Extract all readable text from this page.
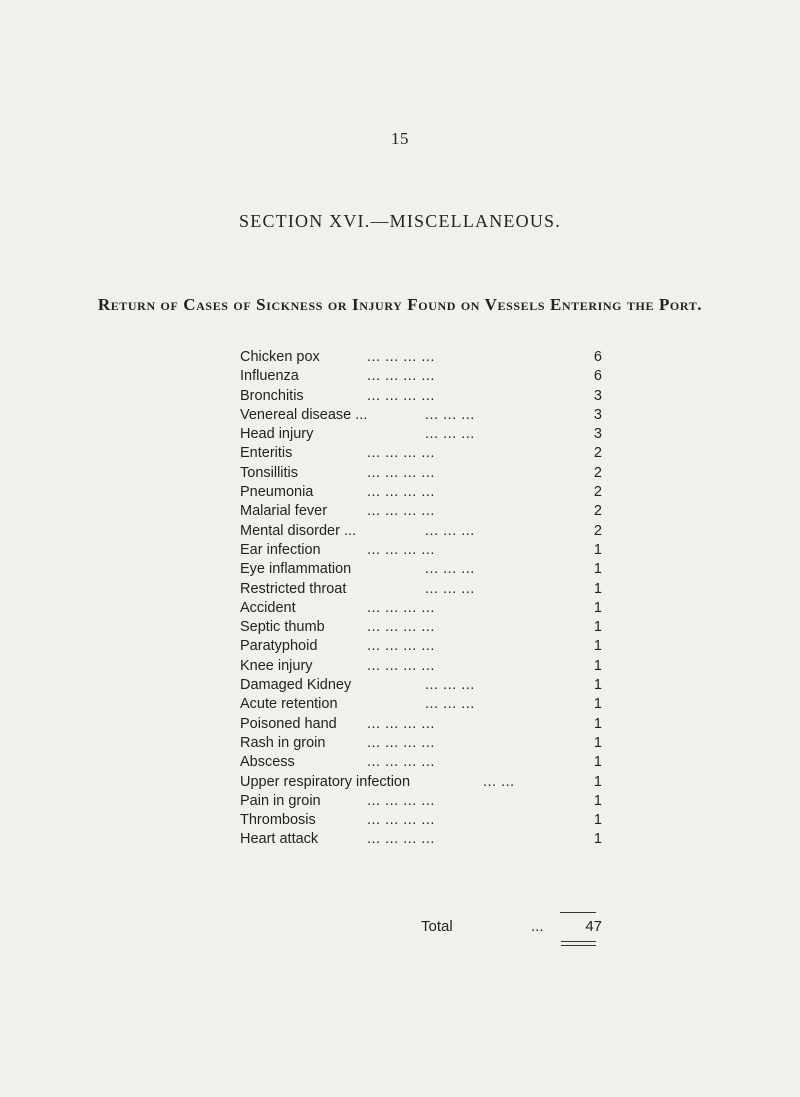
15
SECTION XVI.—MISCELLANEOUS.
Return of Cases of Sickness or Injury Found on Vessels Entering the Port.
Chicken pox	... ... ... ...	6
Influenza	... ... ... ...	6
Bronchitis	... ... ... ...	3
Venereal disease ...	... ... ...	3
Head injury	... ... ...	3
Enteritis	... ... ... ...	2
Tonsillitis	... ... ... ...	2
Pneumonia	... ... ... ...	2
Malarial fever	... ... ... ...	2
Mental disorder ...	... ... ...	2
Ear infection	... ... ... ...	1
Eye inflammation	... ... ...	1
Restricted throat	... ... ...	1
Accident	... ... ... ...	1
Septic thumb	... ... ... ...	1
Paratyphoid	... ... ... ...	1
Knee injury	... ... ... ...	1
Damaged Kidney	... ... ...	1
Acute retention	... ... ...	1
Poisoned hand ... ... ... ...	1
Rash in groin	... ... ... ...	1
Abscess	... ... ... ...	1
Upper respiratory infection	... ...	1
Pain in groin	... ... ... ...	1
Thrombosis	... ... ... ...	1
Heart attack	... ... ... ...	1
Total	...	47
